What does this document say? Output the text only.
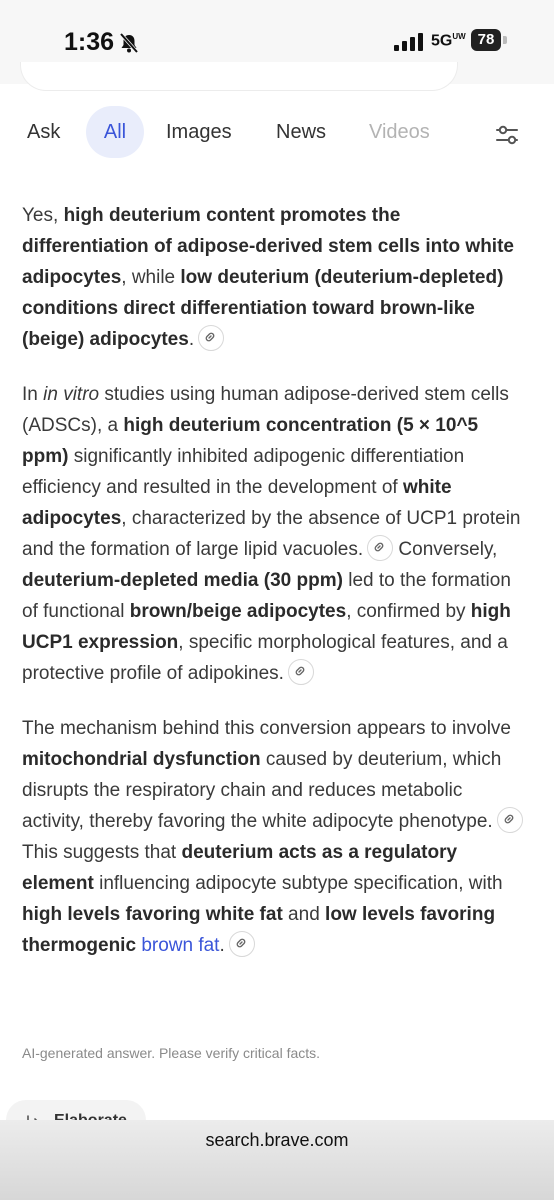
1:36	$5G^{UW}$ 78
Ask	All	Images News Videos

Yes, high deuterium content promotes the differentiation of adipose-derived stem cells into white adipocytes, while low deuterium (deuterium-depleted) conditions direct differentiation toward brown-like (beige) adipocytes.

In in vitro studies using human adipose-derived stem cells (ADSCs), a high deuterium concentration (5 × 10^5 ppm) significantly inhibited adipogenic differentiation efficiency and resulted in the development of white adipocytes, characterized by the absence of UCP1 protein and the formation of large lipid vacuoles.
Conversely, deuterium-depleted media (30 ppm) led to the formation of functional brown/beige adipocytes, confirmed by high UCP1 expression, specific morphological features, and a protective profile of adipokines.

The mechanism behind this conversion appears to involve mitochondrial dysfunction caused by deuterium, which disrupts the respiratory chain and reduces metabolic activity, thereby favoring the white adipocyte phenotype.
This suggests that deuterium acts as a regulatory element influencing adipocyte subtype specification, with high levels favoring white fat and low levels favoring thermogenic brown fat.

AI-generated answer. Please verify critical facts.
search.brave.com
